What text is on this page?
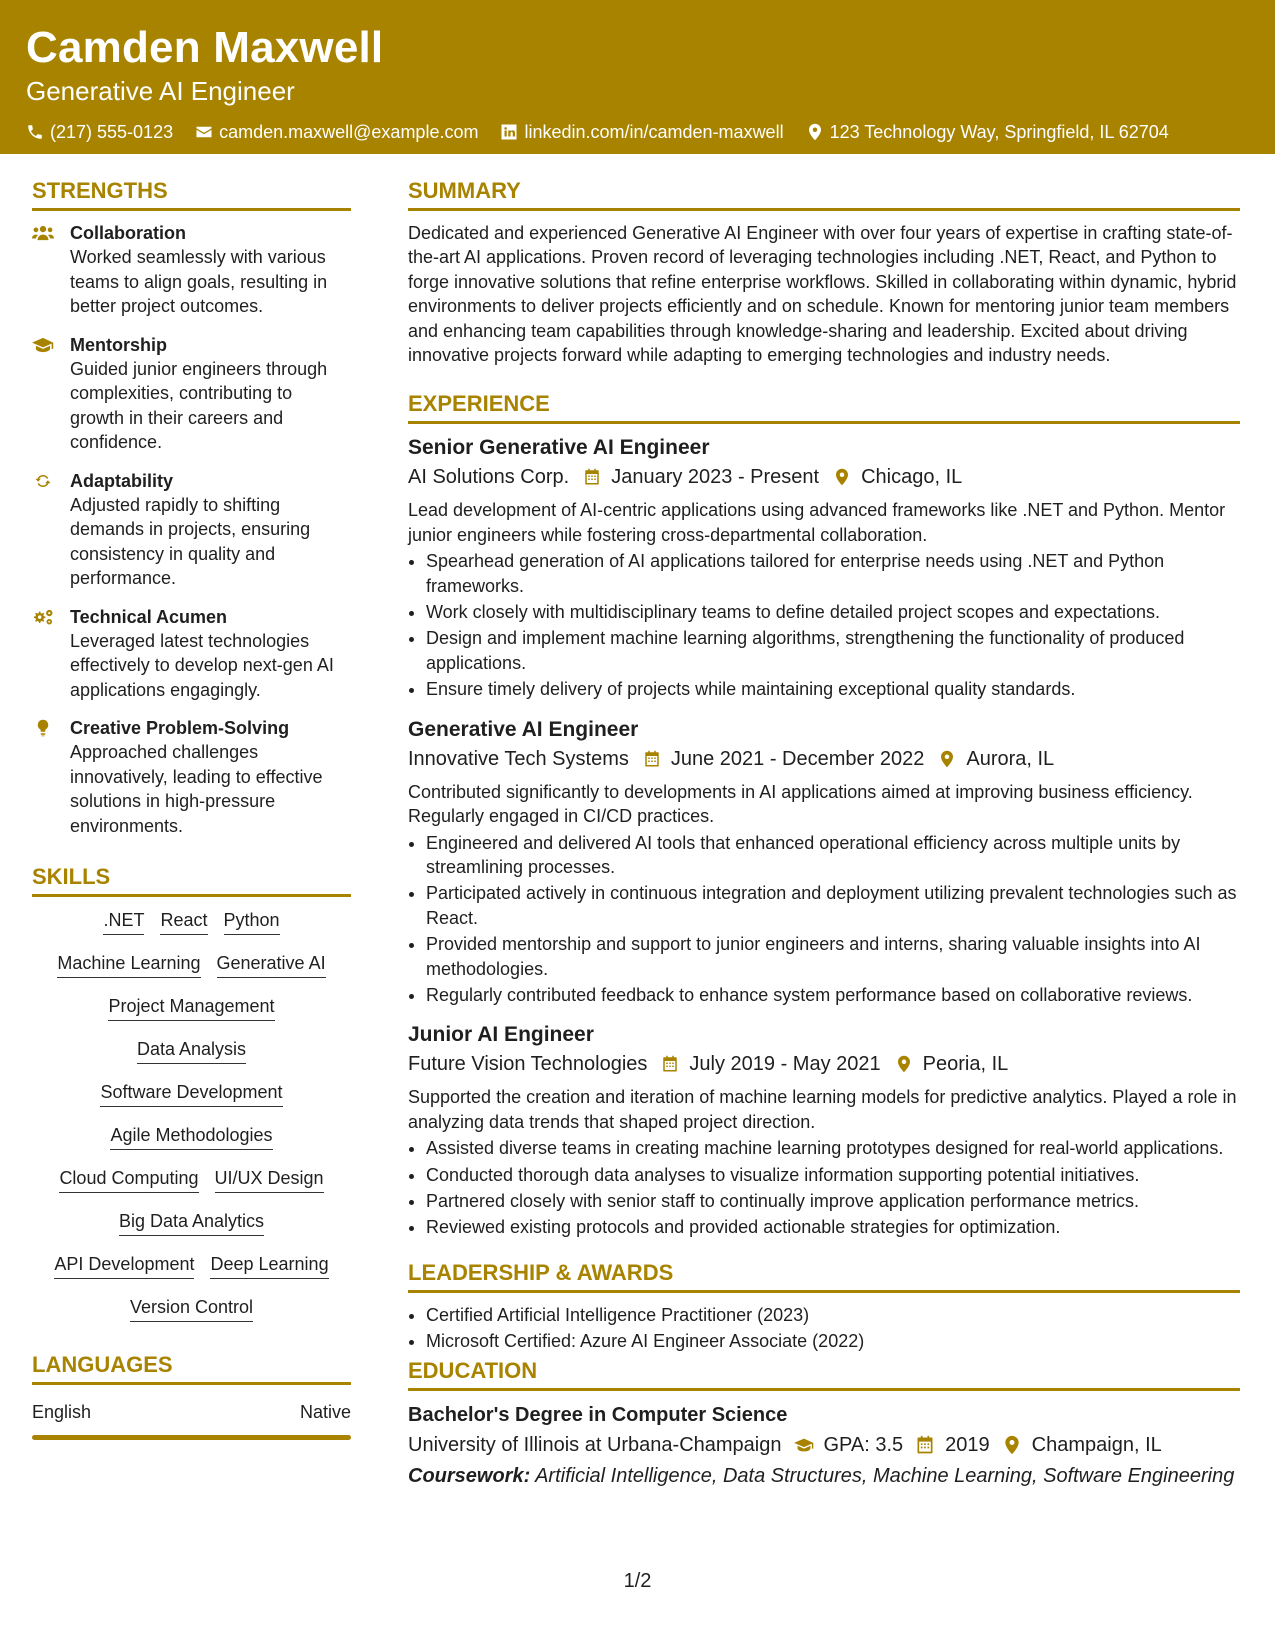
Camden Maxwell
Generative AI Engineer
(217) 555-0123	camden.maxwell@example.com	linkedin.com/in/camden-maxwell	123 Technology Way, Springfield, IL 62704
STRENGTHS
Collaboration
Worked seamlessly with various teams to align goals, resulting in better project outcomes.
Mentorship
Guided junior engineers through complexities, contributing to growth in their careers and confidence.
Adaptability
Adjusted rapidly to shifting demands in projects, ensuring consistency in quality and performance.
Technical Acumen
Leveraged latest technologies effectively to develop next-gen AI applications engagingly.
Creative Problem-Solving
Approached challenges innovatively, leading to effective solutions in high-pressure environments.
SKILLS
.NET React Python
Machine Learning Generative AI
Project Management
Data Analysis
Software Development
Agile Methodologies
Cloud Computing UI/UX Design
Big Data Analytics
API Development Deep Learning
Version Control
LANGUAGES
English	Native
SUMMARY
Dedicated and experienced Generative AI Engineer with over four years of expertise in crafting state-of-the-art AI applications. Proven record of leveraging technologies including .NET, React, and Python to forge innovative solutions that refine enterprise workflows. Skilled in collaborating within dynamic, hybrid environments to deliver projects efficiently and on schedule. Known for mentoring junior team members and enhancing team capabilities through knowledge-sharing and leadership. Excited about driving innovative projects forward while adapting to emerging technologies and industry needs.
EXPERIENCE
Senior Generative AI Engineer
AI Solutions Corp. January 2023 - Present Chicago, IL
Lead development of AI-centric applications using advanced frameworks like .NET and Python. Mentor junior engineers while fostering cross-departmental collaboration.
• Spearhead generation of AI applications tailored for enterprise needs using .NET and Python frameworks.
• Work closely with multidisciplinary teams to define detailed project scopes and expectations.
• Design and implement machine learning algorithms, strengthening the functionality of produced applications.
• Ensure timely delivery of projects while maintaining exceptional quality standards.
Generative AI Engineer
Innovative Tech Systems June 2021 - December 2022 Aurora, IL
Contributed significantly to developments in AI applications aimed at improving business efficiency. Regularly engaged in CI/CD practices.
• Engineered and delivered AI tools that enhanced operational efficiency across multiple units by streamlining processes.
• Participated actively in continuous integration and deployment utilizing prevalent technologies such as React.
• Provided mentorship and support to junior engineers and interns, sharing valuable insights into AI methodologies.
• Regularly contributed feedback to enhance system performance based on collaborative reviews.
Junior AI Engineer
Future Vision Technologies July 2019 - May 2021 Peoria, IL
Supported the creation and iteration of machine learning models for predictive analytics. Played a role in analyzing data trends that shaped project direction.
• Assisted diverse teams in creating machine learning prototypes designed for real-world applications.
• Conducted thorough data analyses to visualize information supporting potential initiatives.
• Partnered closely with senior staff to continually improve application performance metrics.
• Reviewed existing protocols and provided actionable strategies for optimization.
LEADERSHIP & AWARDS
• Certified Artificial Intelligence Practitioner (2023)
• Microsoft Certified: Azure AI Engineer Associate (2022)
EDUCATION
Bachelor's Degree in Computer Science
University of Illinois at Urbana-Champaign GPA: 3.5 2019 Champaign, IL
Coursework: Artificial Intelligence, Data Structures, Machine Learning, Software Engineering
1/2
